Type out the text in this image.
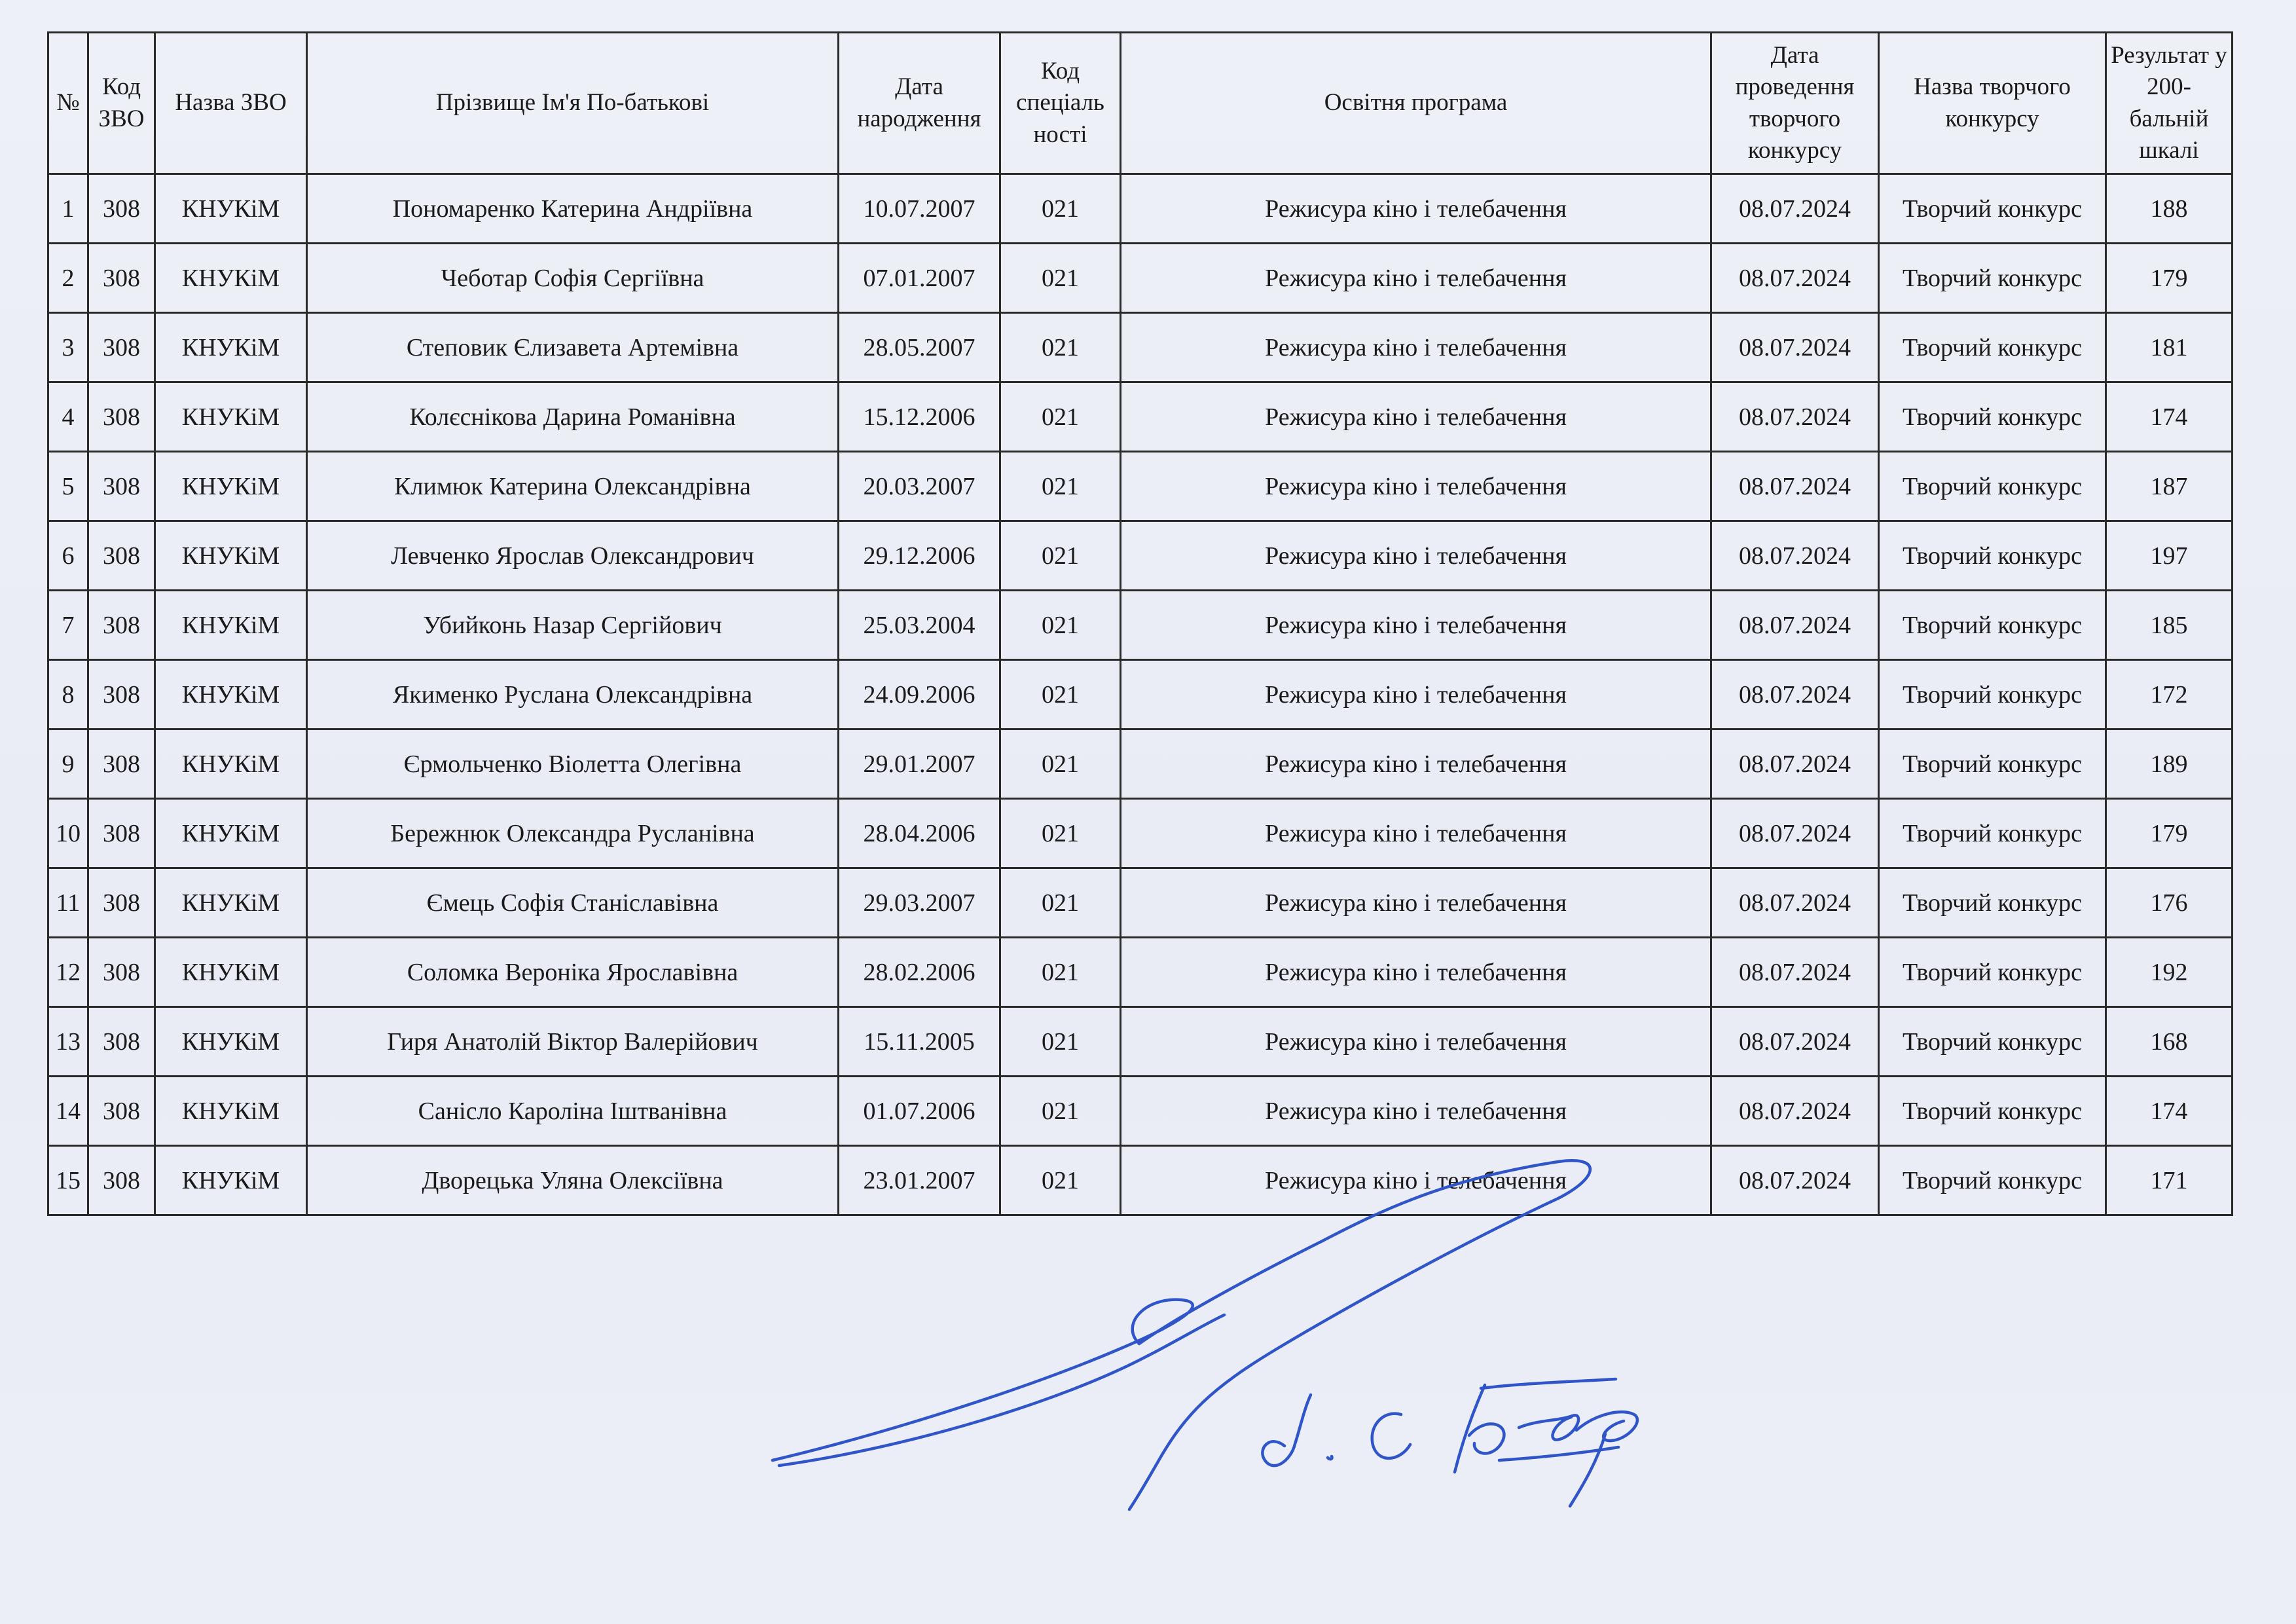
№	Код ЗВО	Назва ЗВО	Прізвище Ім'я По-батькові	Дата народження	Код спеціаль ності	Освітня програма	Дата проведення творчого конкурсу	Назва творчого конкурсу	Результат у 200-бальній шкалі
1	308	КНУКіМ	Пономаренко Катерина Андріївна	10.07.2007	021	Режисура кіно і телебачення	08.07.2024	Творчий конкурс	188
2	308	КНУКіМ	Чеботар Софія Сергіївна	07.01.2007	021	Режисура кіно і телебачення	08.07.2024	Творчий конкурс	179
3	308	КНУКіМ	Степовик Єлизавета Артемівна	28.05.2007	021	Режисура кіно і телебачення	08.07.2024	Творчий конкурс	181
4	308	КНУКіМ	Колєснікова Дарина Романівна	15.12.2006	021	Режисура кіно і телебачення	08.07.2024	Творчий конкурс	174
5	308	КНУКіМ	Климюк Катерина Олександрівна	20.03.2007	021	Режисура кіно і телебачення	08.07.2024	Творчий конкурс	187
6	308	КНУКіМ	Левченко Ярослав Олександрович	29.12.2006	021	Режисура кіно і телебачення	08.07.2024	Творчий конкурс	197
7	308	КНУКіМ	Убийконь Назар Сергійович	25.03.2004	021	Режисура кіно і телебачення	08.07.2024	Творчий конкурс	185
8	308	КНУКіМ	Якименко Руслана Олександрівна	24.09.2006	021	Режисура кіно і телебачення	08.07.2024	Творчий конкурс	172
9	308	КНУКіМ	Єрмольченко Віолетта Олегівна	29.01.2007	021	Режисура кіно і телебачення	08.07.2024	Творчий конкурс	189
10	308	КНУКіМ	Бережнюк Олександра Русланівна	28.04.2006	021	Режисура кіно і телебачення	08.07.2024	Творчий конкурс	179
11	308	КНУКіМ	Ємець Софія Станіславівна	29.03.2007	021	Режисура кіно і телебачення	08.07.2024	Творчий конкурс	176
12	308	КНУКіМ	Соломка Вероніка Ярославівна	28.02.2006	021	Режисура кіно і телебачення	08.07.2024	Творчий конкурс	192
13	308	КНУКіМ	Гиря Анатолій Віктор Валерійович	15.11.2005	021	Режисура кіно і телебачення	08.07.2024	Творчий конкурс	168
14	308	КНУКіМ	Санісло Кароліна Іштванівна	01.07.2006	021	Режисура кіно і телебачення	08.07.2024	Творчий конкурс	174
15	308	КНУКіМ	Дворецька Уляна Олексіївна	23.01.2007	021	Режисура кіно і телебачення	08.07.2024	Творчий конкурс	171
